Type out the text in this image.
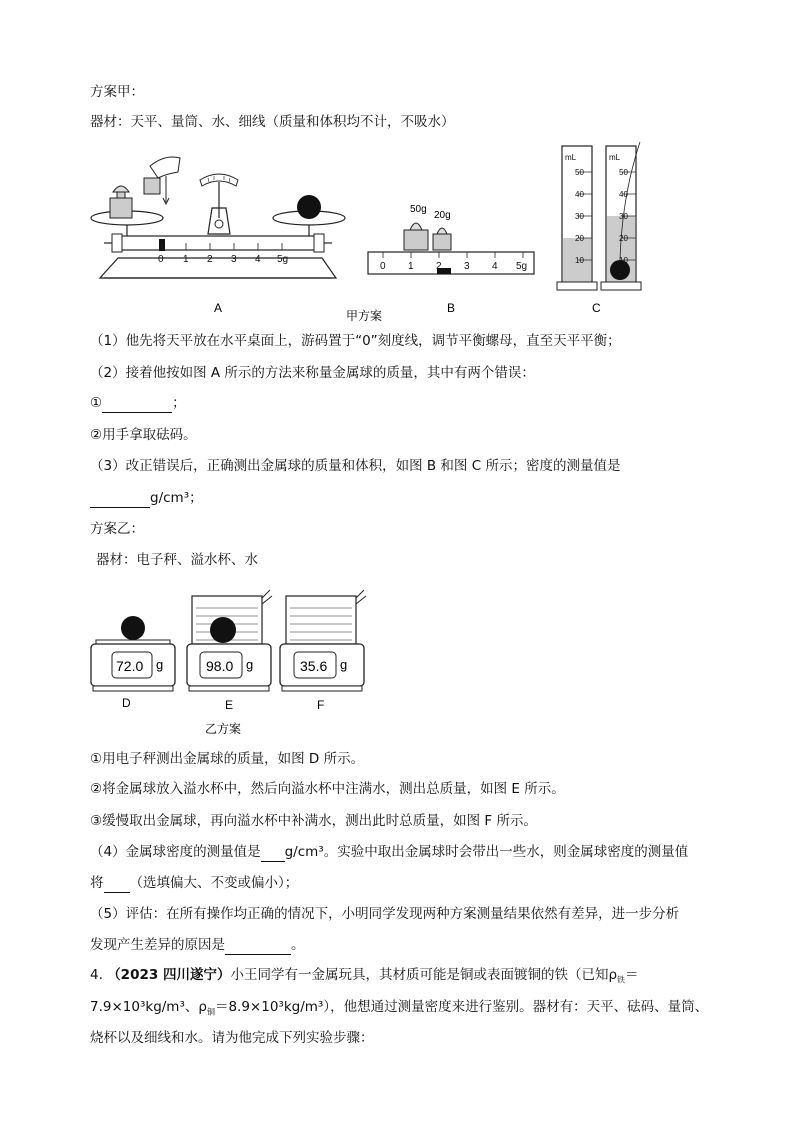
方案甲：
器材：天平、量筒、水、细线（质量和体积均不计，不吸水）
0 1 2 3 4 5g
A
50g
20g
0 1 2 3 4 5g
B
甲方案
mL
50
40
30
20
10
mL
50
40
30
20
10
C
（1）他先将天平放在水平桌面上，游码置于“0”刻度线，调节平衡螺母，直至天平平衡；
（2）接着他按如图 A 所示的方法来称量金属球的质量，其中有两个错误：
①	；
②用手拿取砝码。
（3）改正错误后，正确测出金属球的质量和体积，如图 B 和图 C 所示；密度的测量值是
g/cm³；
方案乙：
器材：电子秤、溢水杯、水
72.0 g	98.0 g	35.6 g
D	E	F
乙方案
①用电子秤测出金属球的质量，如图 D 所示。
②将金属球放入溢水杯中，然后向溢水杯中注满水，测出总质量，如图 E 所示。
③缓慢取出金属球，再向溢水杯中补满水，测出此时总质量，如图 F 所示。
（4）金属球密度的测量值是 g/cm³。实验中取出金属球时会带出一些水，则金属球密度的测量值
将 （选填偏大、不变或偏小）；
（5）评估：在所有操作均正确的情况下，小明同学发现两种方案测量结果依然有差异，进一步分析
发现产生差异的原因是	。
4. （2023 四川遂宁）小王同学有一金属玩具，其材质可能是铜或表面镀铜的铁（已知$\rho_铁=$
7.9×10³kg/m³、$\rho_铜=8.9\times 10^3kg/m^3$），他想通过测量密度来进行鉴别。器材有：天平、砝码、量筒、
烧杯以及细线和水。请为他完成下列实验步骤：
